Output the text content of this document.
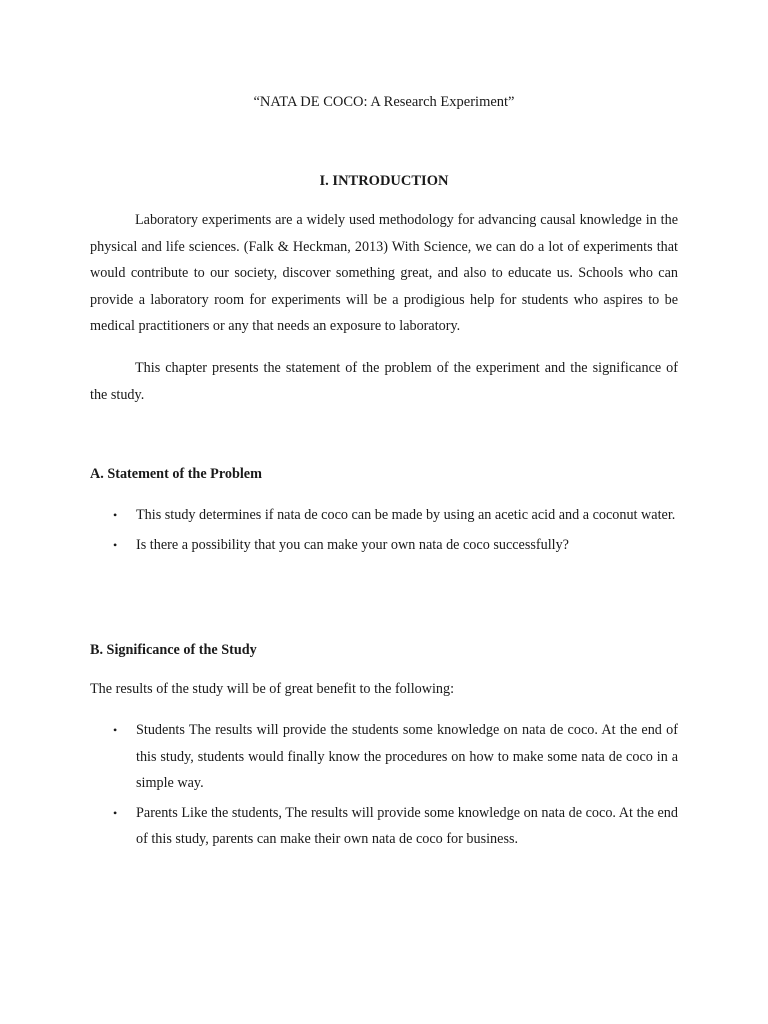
“NATA DE COCO: A Research Experiment”
I. INTRODUCTION

Laboratory experiments are a widely used methodology for advancing causal knowledge in the physical and life sciences. (Falk & Heckman, 2013) With Science, we can do a lot of experiments that would contribute to our society, discover something great, and also to educate us. Schools who can provide a laboratory room for experiments will be a prodigious help for students who aspires to be medical practitioners or any that needs an exposure to laboratory.

This chapter presents the statement of the problem of the experiment and the significance of the study.

A. Statement of the Problem
•	This study determines if nata de coco can be made by using an acetic acid and a coconut water.
•	Is there a possibility that you can make your own nata de coco successfully?
B. Significance of the Study

The results of the study will be of great benefit to the following:

•	Students The results will provide the students some knowledge on nata de coco. At the end of this study, students would finally know the procedures on how to make some nata de coco in a simple way.
•	Parents Like the students, The results will provide some knowledge on nata de coco. At the end of this study, parents can make their own nata de coco for business.
